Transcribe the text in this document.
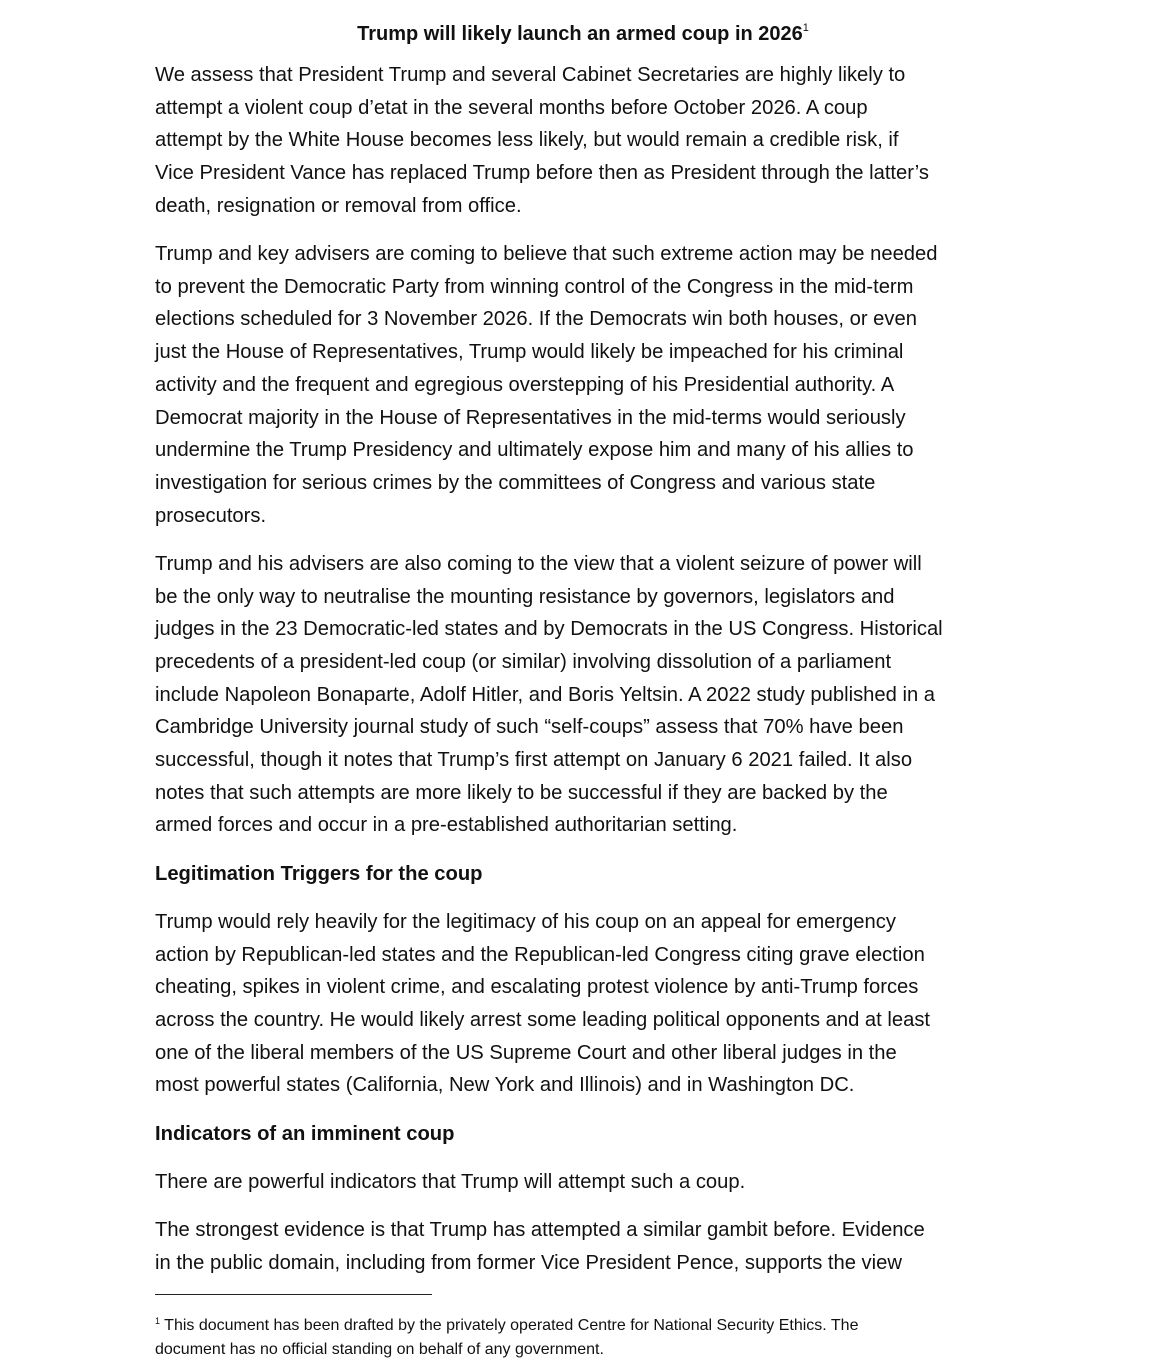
Trump will likely launch an armed coup in 2026$^1$

We assess that President Trump and several Cabinet Secretaries are highly likely to
attempt a violent coup d’etat in the several months before October 2026. A coup
attempt by the White House becomes less likely, but would remain a credible risk, if
Vice President Vance has replaced Trump before then as President through the latter’s
death, resignation or removal from office.

Trump and key advisers are coming to believe that such extreme action may be needed
to prevent the Democratic Party from winning control of the Congress in the mid-term
elections scheduled for 3 November 2026. If the Democrats win both houses, or even
just the House of Representatives, Trump would likely be impeached for his criminal
activity and the frequent and egregious overstepping of his Presidential authority. A
Democrat majority in the House of Representatives in the mid-terms would seriously
undermine the Trump Presidency and ultimately expose him and many of his allies to
investigation for serious crimes by the committees of Congress and various state
prosecutors.

Trump and his advisers are also coming to the view that a violent seizure of power will
be the only way to neutralise the mounting resistance by governors, legislators and
judges in the 23 Democratic-led states and by Democrats in the US Congress. Historical
precedents of a president-led coup (or similar) involving dissolution of a parliament
include Napoleon Bonaparte, Adolf Hitler, and Boris Yeltsin. A 2022 study published in a
Cambridge University journal study of such “self-coups” assess that 70% have been
successful, though it notes that Trump’s first attempt on January 6 2021 failed. It also
notes that such attempts are more likely to be successful if they are backed by the
armed forces and occur in a pre-established authoritarian setting.

Legitimation Triggers for the coup

Trump would rely heavily for the legitimacy of his coup on an appeal for emergency
action by Republican-led states and the Republican-led Congress citing grave election
cheating, spikes in violent crime, and escalating protest violence by anti-Trump forces
across the country. He would likely arrest some leading political opponents and at least
one of the liberal members of the US Supreme Court and other liberal judges in the
most powerful states (California, New York and Illinois) and in Washington DC.

Indicators of an imminent coup

There are powerful indicators that Trump will attempt such a coup.

The strongest evidence is that Trump has attempted a similar gambit before. Evidence
in the public domain, including from former Vice President Pence, supports the view

$^1$ This document has been drafted by the privately operated Centre for National Security Ethics. The
document has no official standing on behalf of any government.
